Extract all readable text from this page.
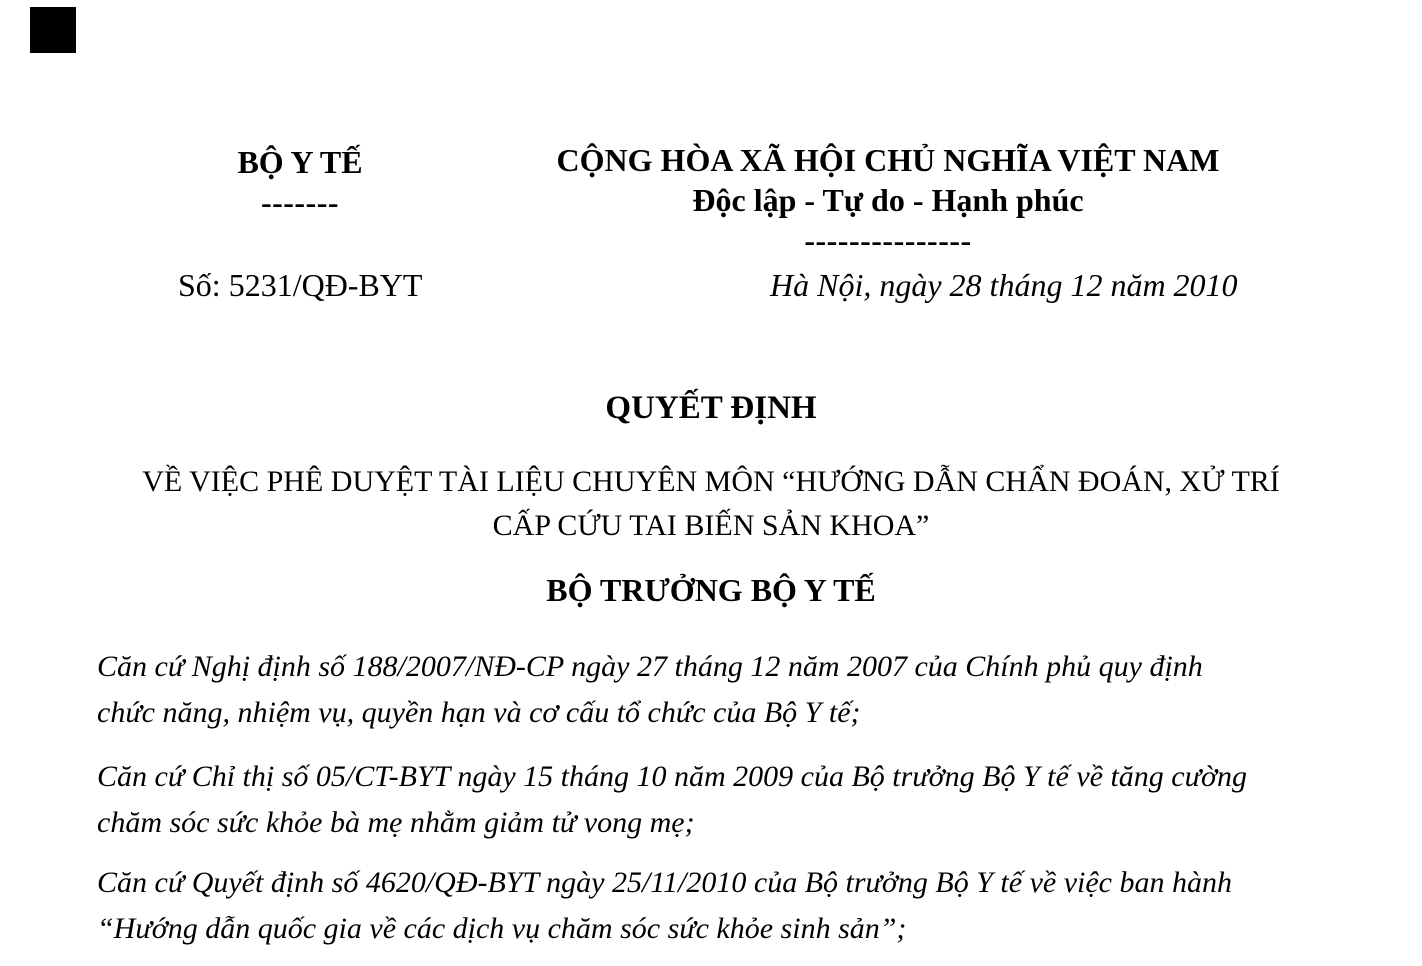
BỘ Y TẾ
-------
CỘNG HÒA XÃ HỘI CHỦ NGHĨA VIỆT NAM
Độc lập - Tự do - Hạnh phúc
---------------
Số: 5231/QĐ-BYT	Hà Nội, ngày 28 tháng 12 năm 2010
QUYẾT ĐỊNH
VỀ VIỆC PHÊ DUYỆT TÀI LIỆU CHUYÊN MÔN “HƯỚNG DẪN CHẨN ĐOÁN, XỬ TRÍ
CẤP CỨU TAI BIẾN SẢN KHOA”
BỘ TRƯỞNG BỘ Y TẾ
Căn cứ Nghị định số 188/2007/NĐ-CP ngày 27 tháng 12 năm 2007 của Chính phủ quy định
chức năng, nhiệm vụ, quyền hạn và cơ cấu tổ chức của Bộ Y tế;
Căn cứ Chỉ thị số 05/CT-BYT ngày 15 tháng 10 năm 2009 của Bộ trưởng Bộ Y tế về tăng cường
chăm sóc sức khỏe bà mẹ nhằm giảm tử vong mẹ;
Căn cứ Quyết định số 4620/QĐ-BYT ngày 25/11/2010 của Bộ trưởng Bộ Y tế về việc ban hành
“Hướng dẫn quốc gia về các dịch vụ chăm sóc sức khỏe sinh sản”;
